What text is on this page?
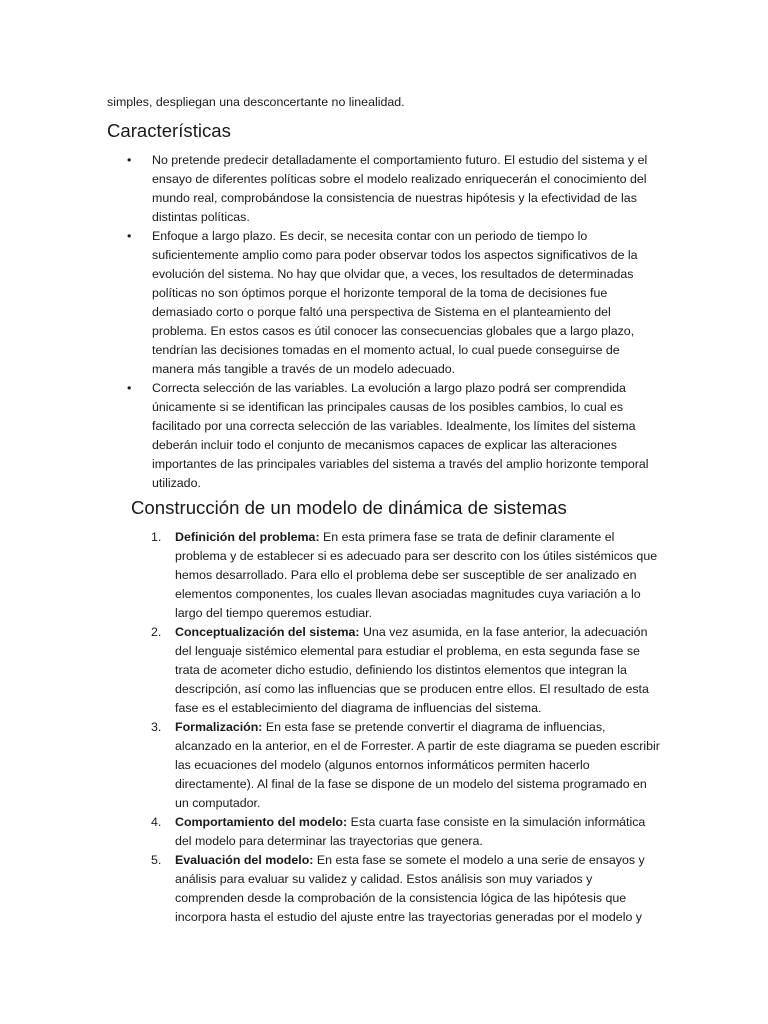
simples, despliegan una desconcertante no linealidad.

Características
• No pretende predecir detalladamente el comportamiento futuro. El estudio del sistema y el ensayo de diferentes políticas sobre el modelo realizado enriquecerán el conocimiento del mundo real, comprobándose la consistencia de nuestras hipótesis y la efectividad de las distintas políticas.
• Enfoque a largo plazo. Es decir, se necesita contar con un periodo de tiempo lo suficientemente amplio como para poder observar todos los aspectos significativos de la evolución del sistema. No hay que olvidar que, a veces, los resultados de determinadas políticas no son óptimos porque el horizonte temporal de la toma de decisiones fue demasiado corto o porque faltó una perspectiva de Sistema en el planteamiento del problema. En estos casos es útil conocer las consecuencias globales que a largo plazo, tendrían las decisiones tomadas en el momento actual, lo cual puede conseguirse de manera más tangible a través de un modelo adecuado.
• Correcta selección de las variables. La evolución a largo plazo podrá ser comprendida únicamente si se identifican las principales causas de los posibles cambios, lo cual es facilitado por una correcta selección de las variables. Idealmente, los límites del sistema deberán incluir todo el conjunto de mecanismos capaces de explicar las alteraciones importantes de las principales variables del sistema a través del amplio horizonte temporal utilizado.
Construcción de un modelo de dinámica de sistemas
1. Definición del problema: En esta primera fase se trata de definir claramente el problema y de establecer si es adecuado para ser descrito con los útiles sistémicos que hemos desarrollado. Para ello el problema debe ser susceptible de ser analizado en elementos componentes, los cuales llevan asociadas magnitudes cuya variación a lo largo del tiempo queremos estudiar.
2. Conceptualización del sistema: Una vez asumida, en la fase anterior, la adecuación del lenguaje sistémico elemental para estudiar el problema, en esta segunda fase se trata de acometer dicho estudio, definiendo los distintos elementos que integran la descripción, así como las influencias que se producen entre ellos. El resultado de esta fase es el establecimiento del diagrama de influencias del sistema.
3. Formalización: En esta fase se pretende convertir el diagrama de influencias, alcanzado en la anterior, en el de Forrester. A partir de este diagrama se pueden escribir las ecuaciones del modelo (algunos entornos informáticos permiten hacerlo directamente). Al final de la fase se dispone de un modelo del sistema programado en un computador.
4. Comportamiento del modelo: Esta cuarta fase consiste en la simulación informática del modelo para determinar las trayectorias que genera.
5. Evaluación del modelo: En esta fase se somete el modelo a una serie de ensayos y análisis para evaluar su validez y calidad. Estos análisis son muy variados y comprenden desde la comprobación de la consistencia lógica de las hipótesis que incorpora hasta el estudio del ajuste entre las trayectorias generadas por el modelo y
